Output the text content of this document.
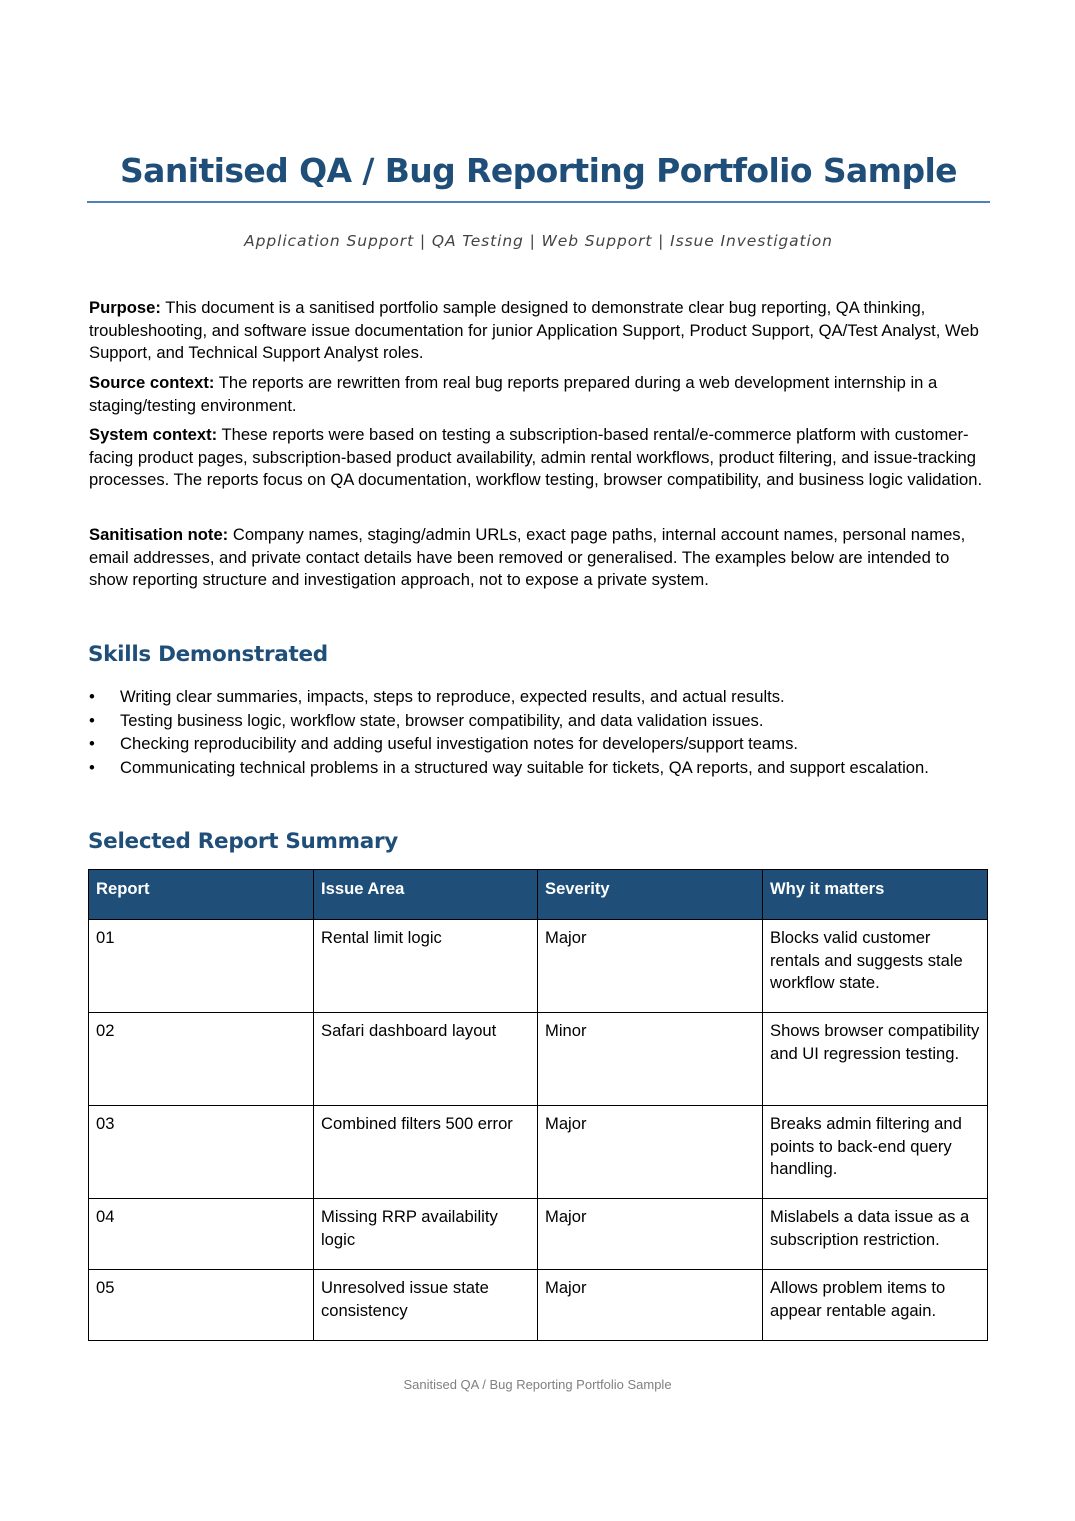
Sanitised QA / Bug Reporting Portfolio Sample
Application Support | QA Testing | Web Support | Issue Investigation

Purpose: This document is a sanitised portfolio sample designed to demonstrate clear bug reporting, QA thinking, troubleshooting, and software issue documentation for junior Application Support, Product Support, QA/Test Analyst, Web Support, and Technical Support Analyst roles.

Source context: The reports are rewritten from real bug reports prepared during a web development internship in a staging/testing environment.

System context: These reports were based on testing a subscription-based rental/e-commerce platform with customer-facing product pages, subscription-based product availability, admin rental workflows, product filtering, and issue-tracking processes. The reports focus on QA documentation, workflow testing, browser compatibility, and business logic validation.

Sanitisation note: Company names, staging/admin URLs, exact page paths, internal account names, personal names, email addresses, and private contact details have been removed or generalised. The examples below are intended to show reporting structure and investigation approach, not to expose a private system.

Skills Demonstrated
• Writing clear summaries, impacts, steps to reproduce, expected results, and actual results.
• Testing business logic, workflow state, browser compatibility, and data validation issues.
• Checking reproducibility and adding useful investigation notes for developers/support teams.
• Communicating technical problems in a structured way suitable for tickets, QA reports, and support escalation.
Selected Report Summary
Report	Issue Area	Severity	Why it matters
01	Rental limit logic	Major	Blocks valid customer rentals and suggests stale workflow state.
02	Safari dashboard layout	Minor	Shows browser compatibility and UI regression testing.
03	Combined filters 500 error	Major	Breaks admin filtering and points to back-end query handling.
04	Missing RRP availability logic	Major	Mislabels a data issue as a subscription restriction.
05	Unresolved issue state consistency	Major	Allows problem items to appear rentable again.
Sanitised QA / Bug Reporting Portfolio Sample
